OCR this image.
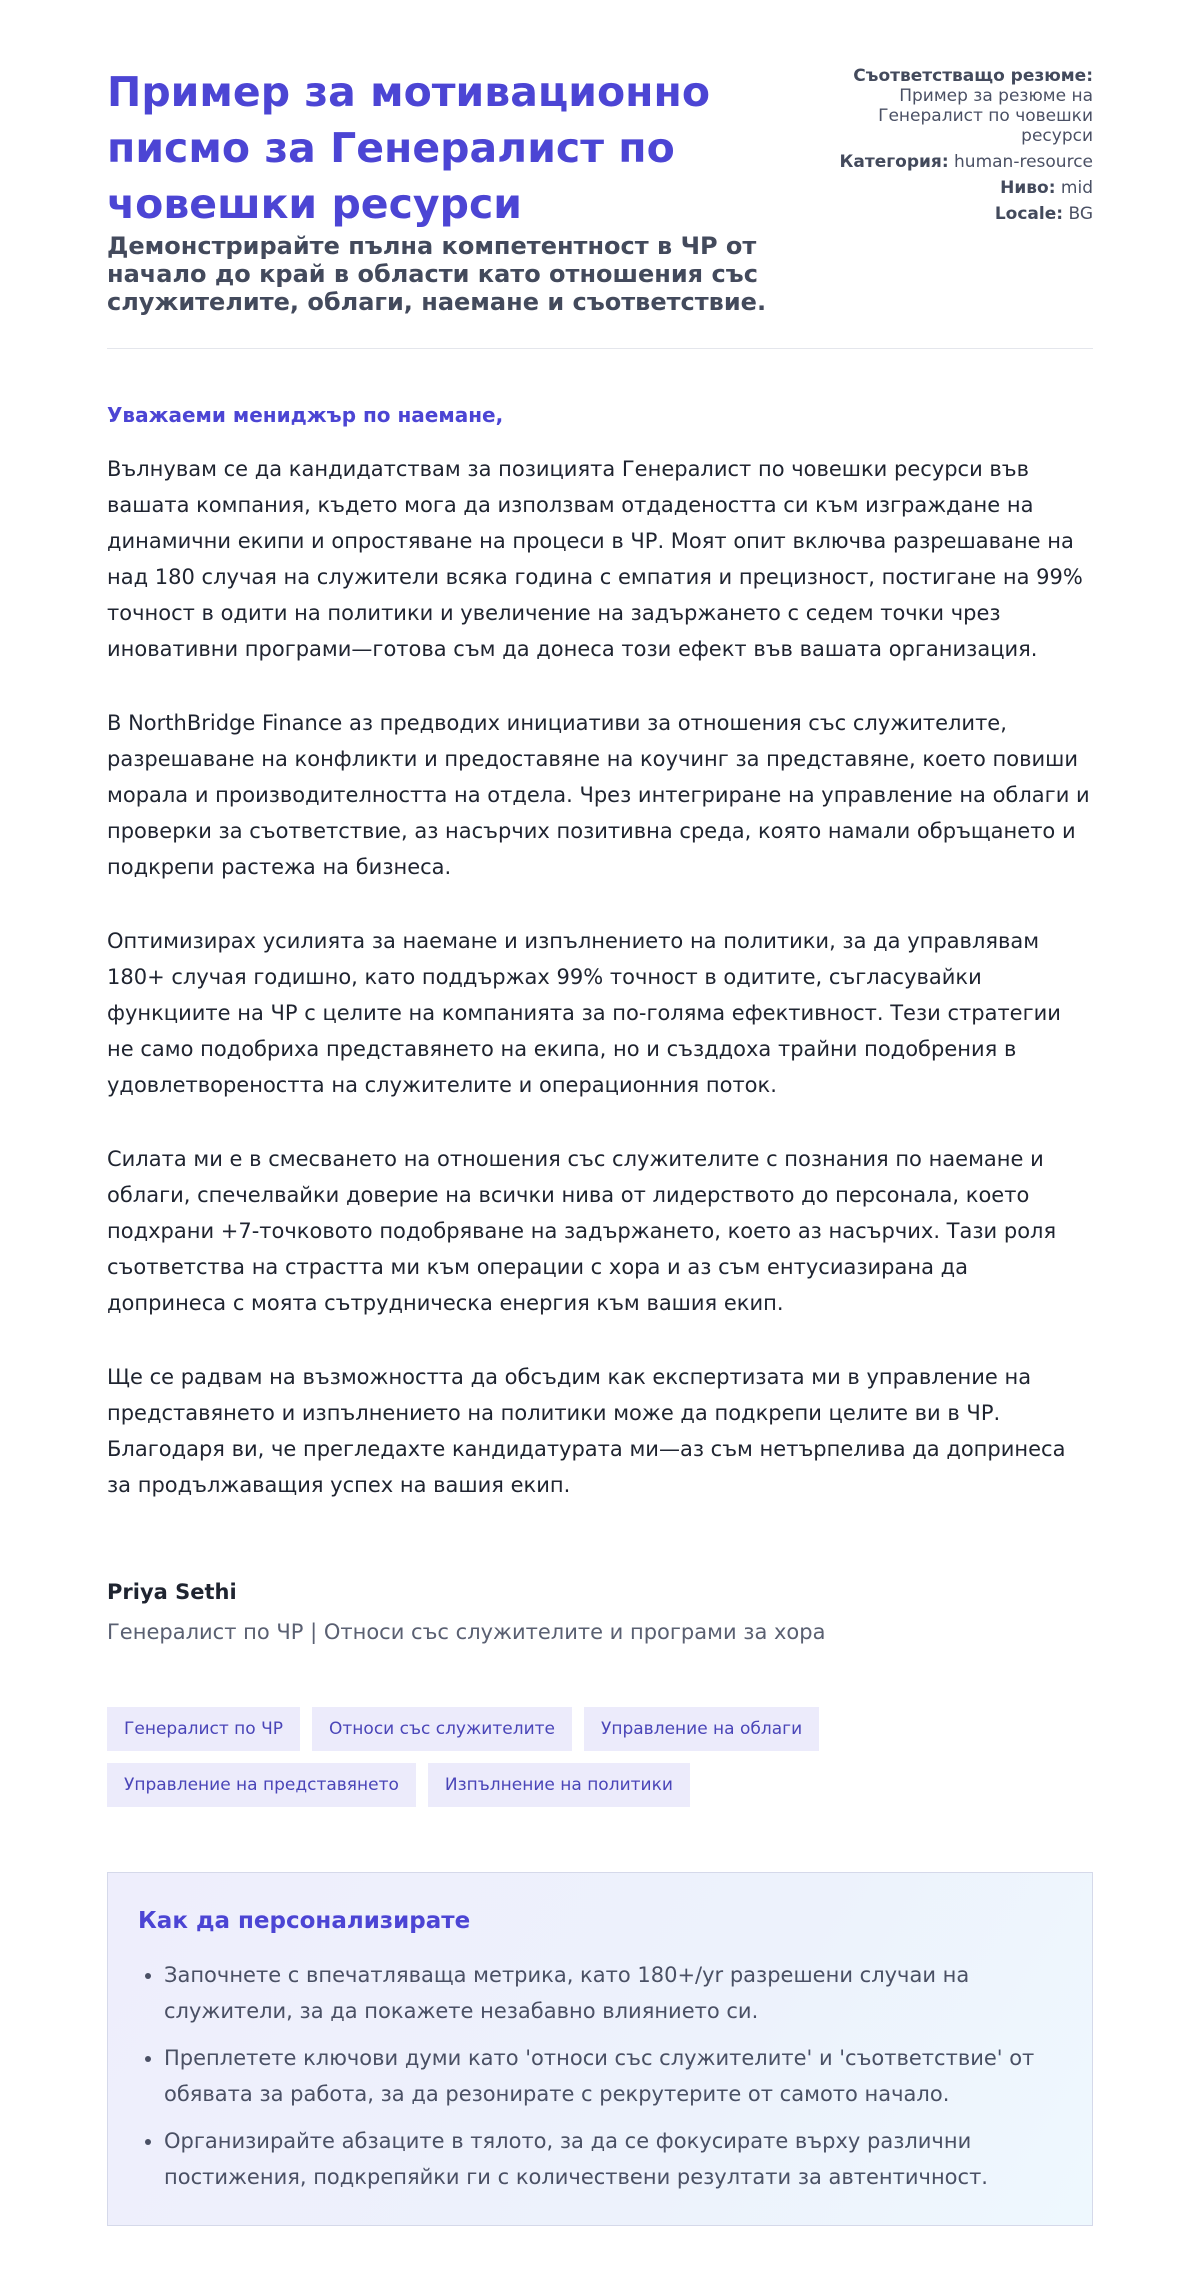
Пример за мотивационно писмо за Генералист по човешки ресурси

Демонстрирайте пълна компетентност в ЧР от начало до край в области като отношения със служителите, облаги, наемане и съответствие.

Съответстващо резюме: Пример за резюме на Генералист по човешки ресурси
Категория: human-resource
Ниво: mid
Locale: BG

Уважаеми мениджър по наемане,

Вълнувам се да кандидатствам за позицията Генералист по човешки ресурси във вашата компания, където мога да използвам отдадеността си към изграждане на динамични екипи и опростяване на процеси в ЧР. Моят опит включва разрешаване на над 180 случая на служители всяка година с емпатия и прецизност, постигане на 99% точност в одити на политики и увеличение на задържането с седем точки чрез иновативни програми—готова съм да донеса този ефект във вашата организация.

В NorthBridge Finance аз предводих инициативи за отношения със служителите, разрешаване на конфликти и предоставяне на коучинг за представяне, което повиши морала и производителността на отдела. Чрез интегриране на управление на облаги и проверки за съответствие, аз насърчих позитивна среда, която намали обръщането и подкрепи растежа на бизнеса.

Оптимизирах усилията за наемане и изпълнението на политики, за да управлявам 180+ случая годишно, като поддържах 99% точност в одитите, съгласувайки функциите на ЧР с целите на компанията за по-голяма ефективност. Тези стратегии не само подобриха представянето на екипа, но и създдоха трайни подобрения в удовлетвореността на служителите и операционния поток.

Силата ми е в смесването на отношения със служителите с познания по наемане и облаги, спечелвайки доверие на всички нива от лидерството до персонала, което подхрани +7-точковото подобряване на задържането, което аз насърчих. Тази роля съответства на страстта ми към операции с хора и аз съм ентусиазирана да допринеса с моята сътрудническа енергия към вашия екип.

Ще се радвам на възможността да обсъдим как експертизата ми в управление на представянето и изпълнението на политики може да подкрепи целите ви в ЧР. Благодаря ви, че прегледахте кандидатурата ми—аз съм нетърпелива да допринеса за продължаващия успех на вашия екип.

Priya Sethi

Генералист по ЧР | Относи със служителите и програми за хора

Генералист по ЧР	Относи със служителите	Управление на облаги
Управление на представянето	Изпълнение на политики
Как да персонализирате
• Започнете с впечатляваща метрика, като 180+/yr разрешени случаи на служители, за да покажете незабавно влиянието си.
• Преплетете ключови думи като 'относи със служителите' и 'съответствие' от обявата за работа, за да резонирате с рекрутерите от самото начало.
• Организирайте абзаците в тялото, за да се фокусирате върху различни постижения, подкрепяйки ги с количествени резултати за автентичност.
